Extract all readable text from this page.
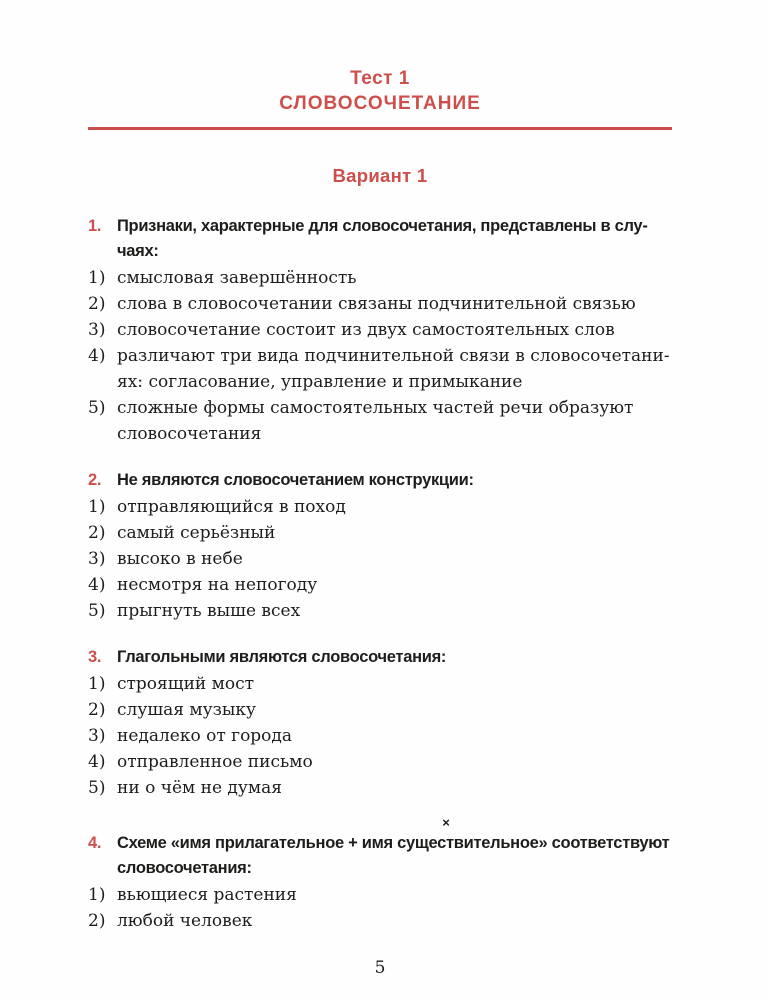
Тест 1
СЛОВОСОЧЕТАНИЕ
Вариант 1
1. Признаки, характерные для словосочетания, представлены в случаях:
1) смысловая завершённость
2) слова в словосочетании связаны подчинительной связью
3) словосочетание состоит из двух самостоятельных слов
4) различают три вида подчинительной связи в словосочетаниях: согласование, управление и примыкание
5) сложные формы самостоятельных частей речи образуют словосочетания
2. Не являются словосочетанием конструкции:
1) отправляющийся в поход
2) самый серьёзный
3) высоко в небе
4) несмотря на непогоду
5) прыгнуть выше всех
3. Глагольными являются словосочетания:
1) строящий мост
2) слушая музыку
3) недалеко от города
4) отправленное письмо
5) ни о чём не думая
4. Схеме «имя прилагательное + имя
×
существительное» соответствуют словосочетания:
1) вьющиеся растения
2) любой человек
5
